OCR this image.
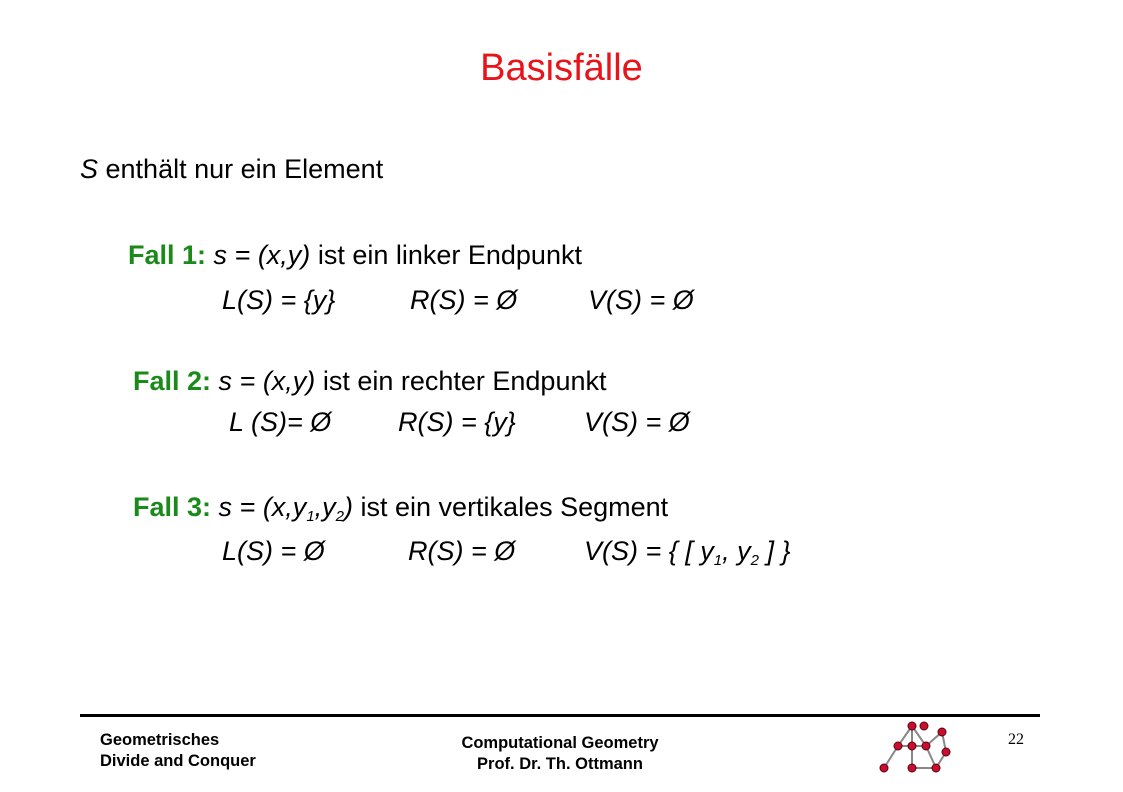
Basisfälle
S enthält nur ein Element
Fall 1: s = (x,y) ist ein linker Endpunkt
L(S) = {y}	R(S) = Ø	V(S) = Ø
Fall 2: s = (x,y) ist ein rechter Endpunkt
L (S)= Ø R(S) = {y}	V(S) = Ø
Fall 3: $s = (x,y_1,y_2)$ ist ein vertikales Segment
L(S) = Ø	R(S) = Ø	V(S) = { [ $y_1$, $y_2$ ] }
Geometrisches
Divide and Conquer
Computational Geometry
Prof. Dr. Th. Ottmann
22
